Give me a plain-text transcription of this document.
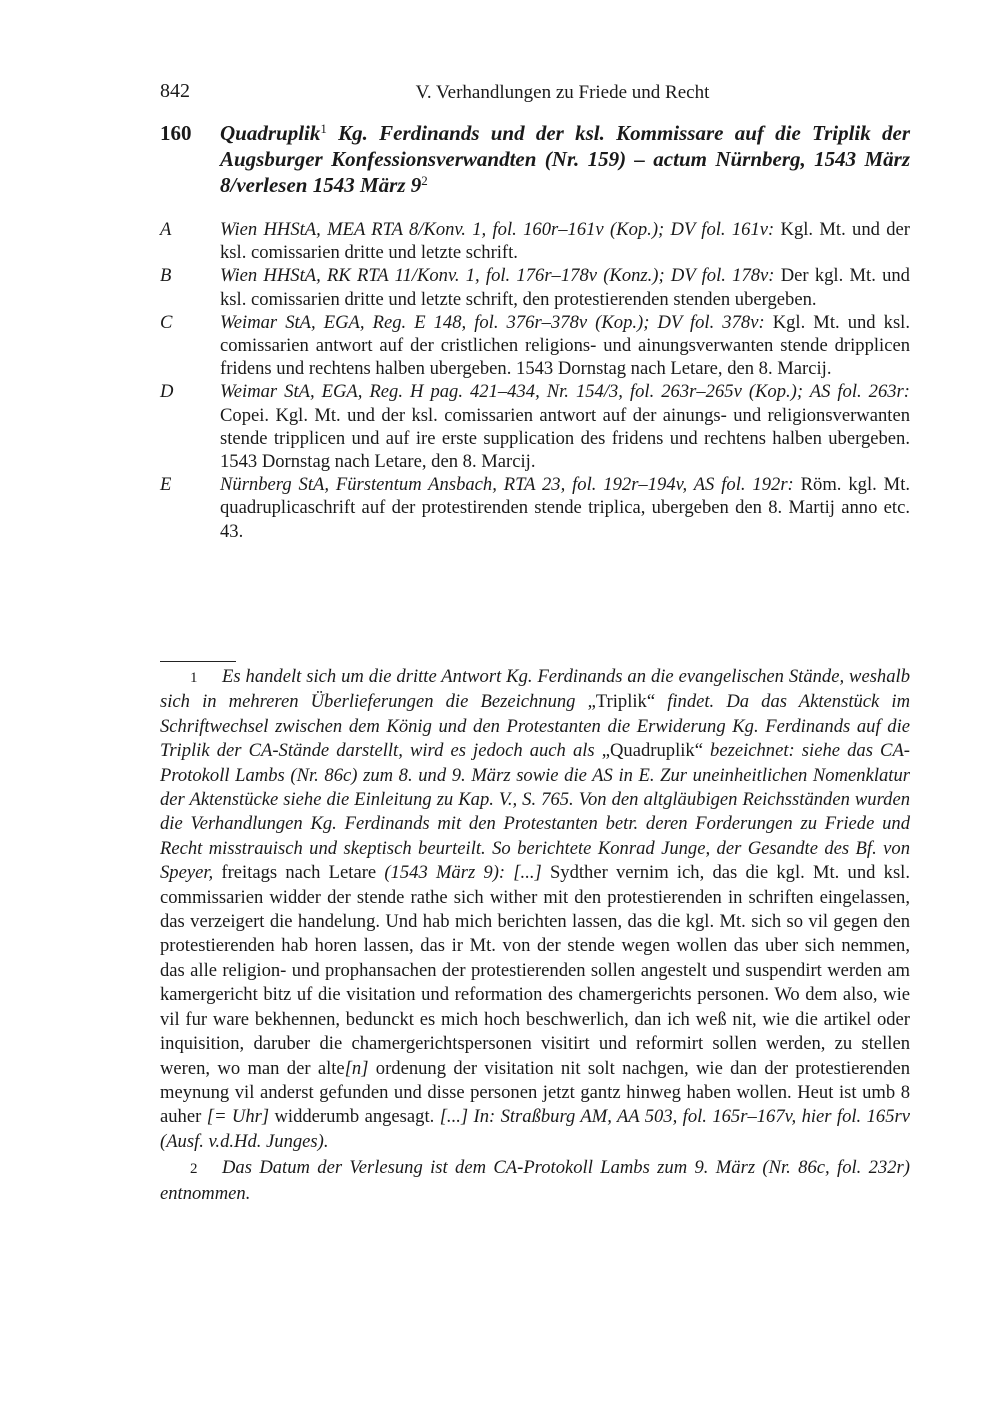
842	V. Verhandlungen zu Friede und Recht
160 Quadruplik$^1$ Kg. Ferdinands und der ksl. Kommissare auf die Triplik der Augsburger Konfessionsverwandten (Nr. 159) – actum Nürnberg, 1543 März 8/verlesen 1543 März 9$^2$
A	Wien HHStA, MEA RTA 8/Konv. 1, fol. 160r–161v (Kop.); DV fol. 161v: Kgl. Mt. und der ksl. comissarien dritte und letzte schrift.
B	Wien HHStA, RK RTA 11/Konv. 1, fol. 176r–178v (Konz.); DV fol. 178v: Der kgl. Mt. und ksl. comissarien dritte und letzte schrift, den protestierenden stenden ubergeben.
C	Weimar StA, EGA, Reg. E 148, fol. 376r–378v (Kop.); DV fol. 378v: Kgl. Mt. und ksl. comissarien antwort auf der cristlichen religions- und ainungsverwanten stende dripplicen fridens und rechtens halben ubergeben. 1543 Dornstag nach Letare, den 8. Marcij.
D	Weimar StA, EGA, Reg. H pag. 421–434, Nr. 154/3, fol. 263r–265v (Kop.); AS fol. 263r: Copei. Kgl. Mt. und der ksl. comissarien antwort auf der ainungs- und religionsverwanten stende tripplicen und auf ire erste supplication des fridens und rechtens halben ubergeben. 1543 Dornstag nach Letare, den 8. Marcij.
E	Nürnberg StA, Fürstentum Ansbach, RTA 23, fol. 192r–194v, AS fol. 192r: Röm. kgl. Mt. quadruplicaschrift auf der protestirenden stende triplica, ubergeben den 8. Martij anno etc. 43.
1 Es handelt sich um die dritte Antwort Kg. Ferdinands an die evangelischen Stände, weshalb sich in mehreren Überlieferungen die Bezeichnung „Triplik“ findet. Da das Aktenstück im Schriftwechsel zwischen dem König und den Protestanten die Erwiderung Kg. Ferdinands auf die Triplik der CA-Stände darstellt, wird es jedoch auch als „Quadruplik“ bezeichnet: siehe das CA-Protokoll Lambs (Nr. 86c) zum 8. und 9. März sowie die AS in E. Zur uneinheitlichen Nomenklatur der Aktenstücke siehe die Einleitung zu Kap. V., S. 765. Von den altgläubigen Reichsständen wurden die Verhandlungen Kg. Ferdinands mit den Protestanten betr. deren Forderungen zu Friede und Recht misstrauisch und skeptisch beurteilt. So berichtete Konrad Junge, der Gesandte des Bf. von Speyer, freitags nach Letare (1543 März 9): [...] Sydther vernim ich, das die kgl. Mt. und ksl. commissarien widder der stende rathe sich wither mit den protestierenden in schriften eingelassen, das verzeigert die handelung. Und hab mich berichten lassen, das die kgl. Mt. sich so vil gegen den protestierenden hab horen lassen, das ir Mt. von der stende wegen wollen das uber sich nemmen, das alle religion- und prophansachen der protestierenden sollen angestelt und suspendirt werden am kamergericht bitz uf die visitation und reformation des chamergerichts personen. Wo dem also, wie vil fur ware bekhennen, bedunckt es mich hoch beschwerlich, dan ich weß nit, wie die artikel oder inquisition, daruber die chamergerichtspersonen visitirt und reformirt sollen werden, zu stellen weren, wo man der alte[n] ordenung der visitation nit solt nachgen, wie dan der protestierenden meynung vil anderst gefunden und disse personen jetzt gantz hinweg haben wollen. Heut ist umb 8 auher [= Uhr] widderumb angesagt. [...] In: Straßburg AM, AA 503, fol. 165r–167v, hier fol. 165rv (Ausf. v.d.Hd. Junges).
2 Das Datum der Verlesung ist dem CA-Protokoll Lambs zum 9. März (Nr. 86c, fol. 232r) entnommen.
